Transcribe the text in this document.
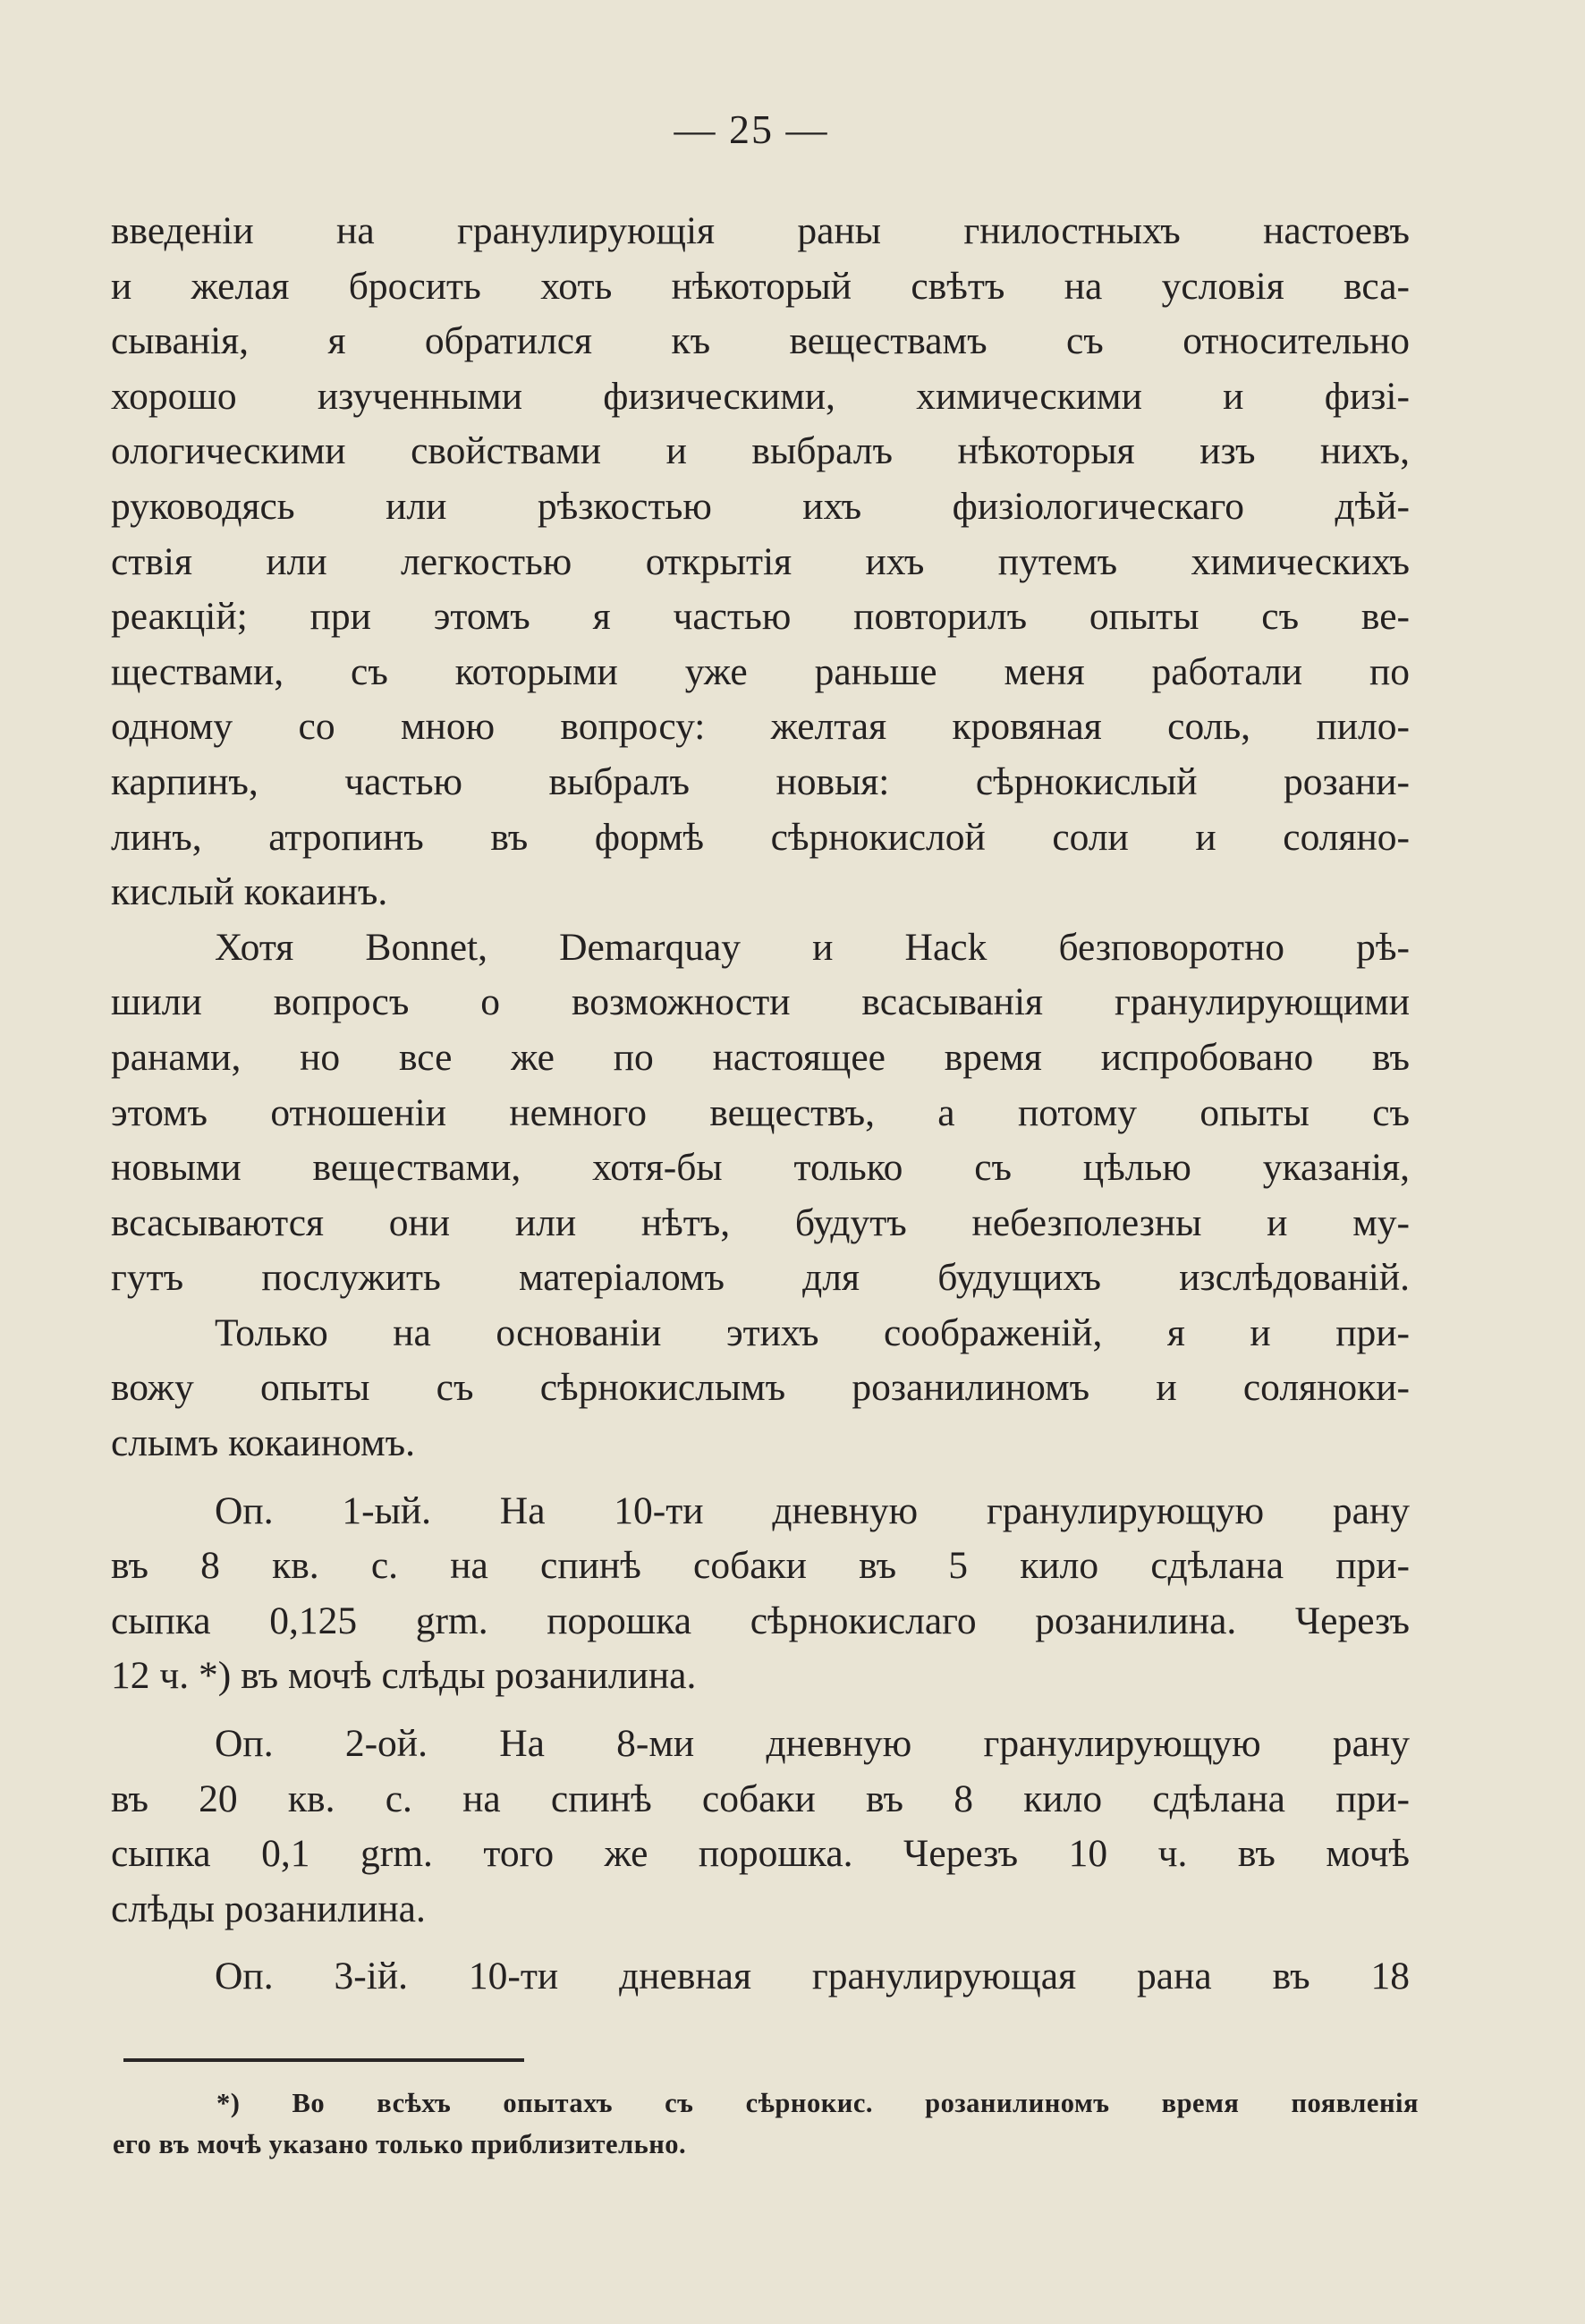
— 25 —
введенiи на гранулирующiя раны гнилостныхъ настоевъ
и желая бросить хоть нѣкоторый свѣтъ на условiя вса-
сыванiя, я обратился къ веществамъ съ относительно
хорошо изученными физическими, химическими и физi-
ологическими свойствами и выбралъ нѣкоторыя изъ нихъ,
руководясь или рѣзкостью ихъ физiологическаго дѣй-
ствiя или легкостью открытiя ихъ путемъ химическихъ
реакцiй; при этомъ я частью повторилъ опыты съ ве-
ществами, съ которыми уже раньше меня работали по
одному со мною вопросу: желтая кровяная соль, пило-
карпинъ, частью выбралъ новыя: сѣрнокислый розани-
линъ, атропинъ въ формѣ сѣрнокислой соли и соляно-
кислый кокаинъ.
Хотя Bonnet, Demarquay и Hack безповоротно рѣ-
шили вопросъ о возможности всасыванiя гранулирующими
ранами, но все же по настоящее время испробовано въ
этомъ отношенiи немного веществъ, а потому опыты съ
новыми веществами, хотя-бы только съ цѣлью указанiя,
всасываются они или нѣтъ, будутъ небезполезны и му-
гутъ послужить матерiаломъ для будущихъ изслѣдованiй.
Только на основанiи этихъ соображенiй, я и при-
вожу опыты съ сѣрнокислымъ розанилиномъ и солянoки-
слымъ кокаиномъ.
Оп. 1-ый. На 10-ти дневную гранулирующую рану
въ 8 кв. с. на спинѣ собаки въ 5 кило сдѣлана при-
сыпка 0,125 grm. порошка сѣрнокислаго розанилина. Черезъ
12 ч. *) въ мочѣ слѣды розанилина.
Оп. 2-ой. На 8-ми дневную гранулирующую рану
въ 20 кв. с. на спинѣ собаки въ 8 кило сдѣлана при-
сыпка 0,1 grm. того же порошка. Черезъ 10 ч. въ мочѣ
слѣды розанилина.
Оп. 3-iй. 10-ти дневная гранулирующая рана въ 18
*) Во всѣхъ опытахъ съ сѣрнокис. розанилиномъ время появленiя
его въ мочѣ указано только приблизительно.
